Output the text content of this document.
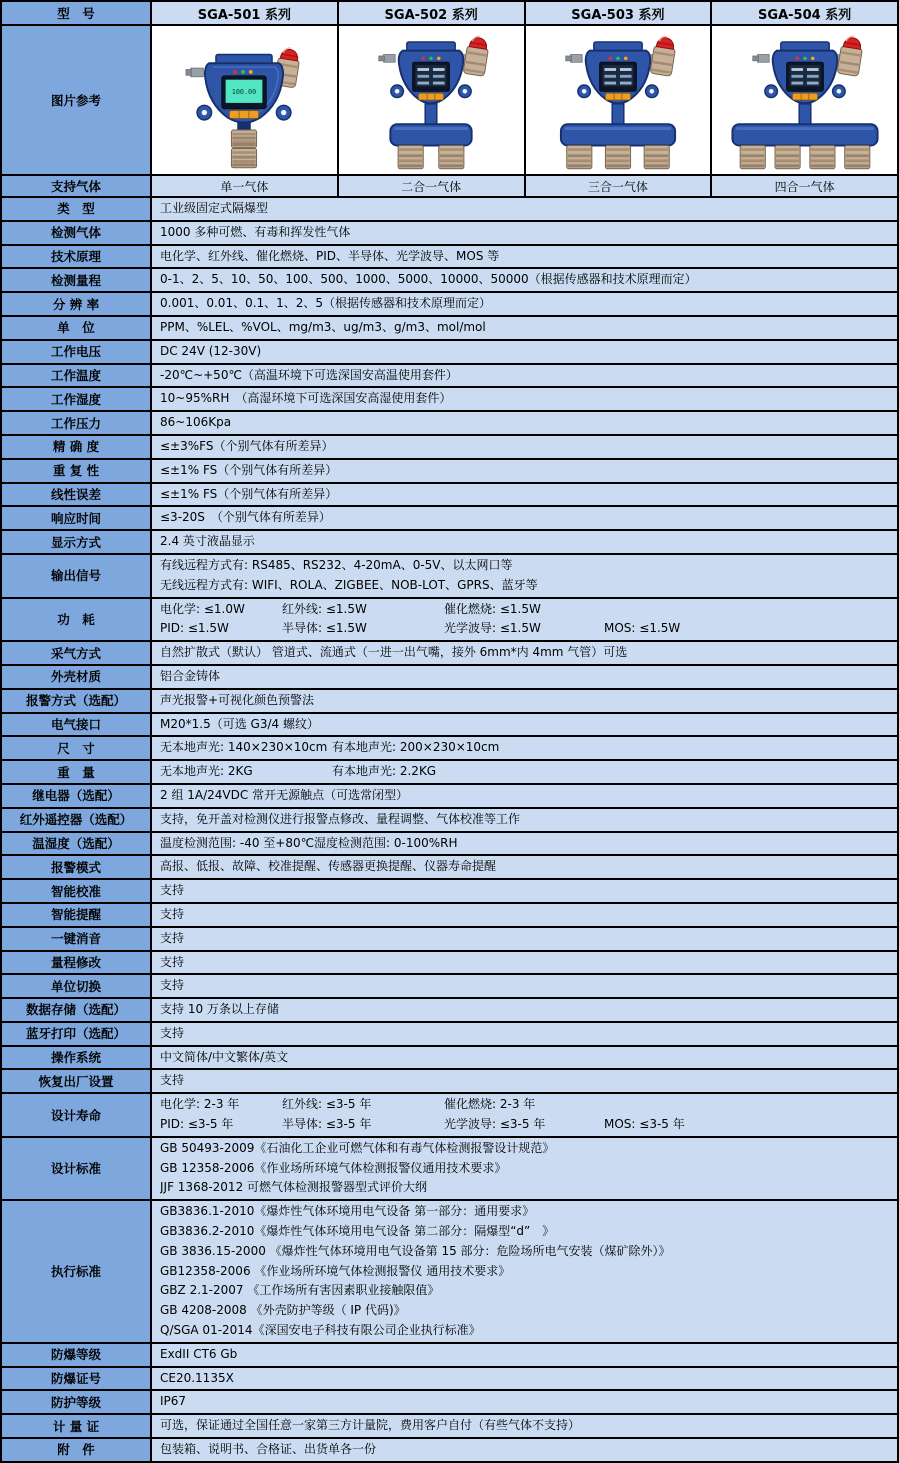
型　号	SGA-501 系列	SGA-502 系列	SGA-503 系列	SGA-504 系列
图片参考
100.00
支持气体	单一气体	二合一气体	三合一气体	四合一气体
类　型	工业级固定式隔爆型
检测气体	1000 多种可燃、有毒和挥发性气体
技术原理	电化学、红外线、催化燃烧、PID、半导体、光学波导、MOS 等
检测量程	0-1、2、5、10、50、100、500、1000、5000、10000、50000（根据传感器和技术原理而定）
分 辨 率	0.001、0.01、0.1、1、2、5（根据传感器和技术原理而定）
单　位	PPM、%LEL、%VOL、mg/m3、ug/m3、g/m3、mol/mol
工作电压	DC 24V (12-30V)
工作温度	-20℃~+50℃（高温环境下可选深国安高温使用套件）
工作湿度	10~95%RH　（高湿环境下可选深国安高湿使用套件）
工作压力	86~106Kpa
精 确 度	≤±3%FS（个别气体有所差异）
重 复 性	≤±1% FS（个别气体有所差异）
线性误差	≤±1% FS（个别气体有所差异）
响应时间	≤3-20S　（个别气体有所差异）
显示方式	2.4 英寸液晶显示
输出信号
有线远程方式有: RS485、RS232、4-20mA、0-5V、以太网口等
无线远程方式有: WIFI、ROLA、ZIGBEE、NOB-LOT、GPRS、蓝牙等
功　耗
电化学: ≤1.0W	红外线: ≤1.5W	催化燃烧: ≤1.5W
PID: ≤1.5W	半导体: ≤1.5W	光学波导: ≤1.5W	MOS: ≤1.5W
采气方式	自然扩散式（默认） 管道式、流通式（一进一出气嘴，接外 6mm*内 4mm 气管）可选
外壳材质	铝合金铸体
报警方式（选配）	声光报警+可视化颜色预警法
电气接口	M20*1.5（可选 G3/4 螺纹）
尺　寸	无本地声光: 140×230×10cm 有本地声光: 200×230×10cm
重　量	无本地声光: 2KG	有本地声光: 2.2KG
继电器（选配）	2 组 1A/24VDC 常开无源触点（可选常闭型）
红外遥控器（选配）	支持，免开盖对检测仪进行报警点修改、量程调整、气体校准等工作
温湿度（选配）	温度检测范围: -40 至+80℃湿度检测范围: 0-100%RH
报警模式	高报、低报、故障、校准提醒、传感器更换提醒、仪器寿命提醒
智能校准	支持
智能提醒	支持
一键消音	支持
量程修改	支持
单位切换	支持
数据存储（选配）	支持 10 万条以上存储
蓝牙打印（选配）	支持
操作系统	中文简体/中文繁体/英文
恢复出厂设置	支持
设计寿命
电化学: 2-3 年	红外线: ≤3-5 年	催化燃烧: 2-3 年
PID: ≤3-5 年	半导体: ≤3-5 年	光学波导: ≤3-5 年	MOS: ≤3-5 年
设计标准
GB 50493-2009《石油化工企业可燃气体和有毒气体检测报警设计规范》
GB 12358-2006《作业场所环境气体检测报警仪通用技术要求》
JJF 1368-2012 可燃气体检测报警器型式评价大纲
执行标准
GB3836.1-2010《爆炸性气体环境用电气设备 第一部分：通用要求》
GB3836.2-2010《爆炸性气体环境用电气设备 第二部分：隔爆型“d”　》
GB 3836.15-2000 《爆炸性气体环境用电气设备第 15 部分：危险场所电气安装（煤矿除外）》
GB12358-2006 《作业场所环境气体检测报警仪 通用技术要求》
GBZ 2.1-2007 《工作场所有害因素职业接触限值》
GB 4208-2008 《外壳防护等级（ IP 代码)》
Q/SGA 01-2014《深国安电子科技有限公司企业执行标准》
防爆等级	ExdII CT6 Gb
防爆证号	CE20.1135X
防护等级	IP67
计 量 证	可选，保证通过全国任意一家第三方计量院，费用客户自付（有些气体不支持）
附　件	包装箱、说明书、合格证、出货单各一份
